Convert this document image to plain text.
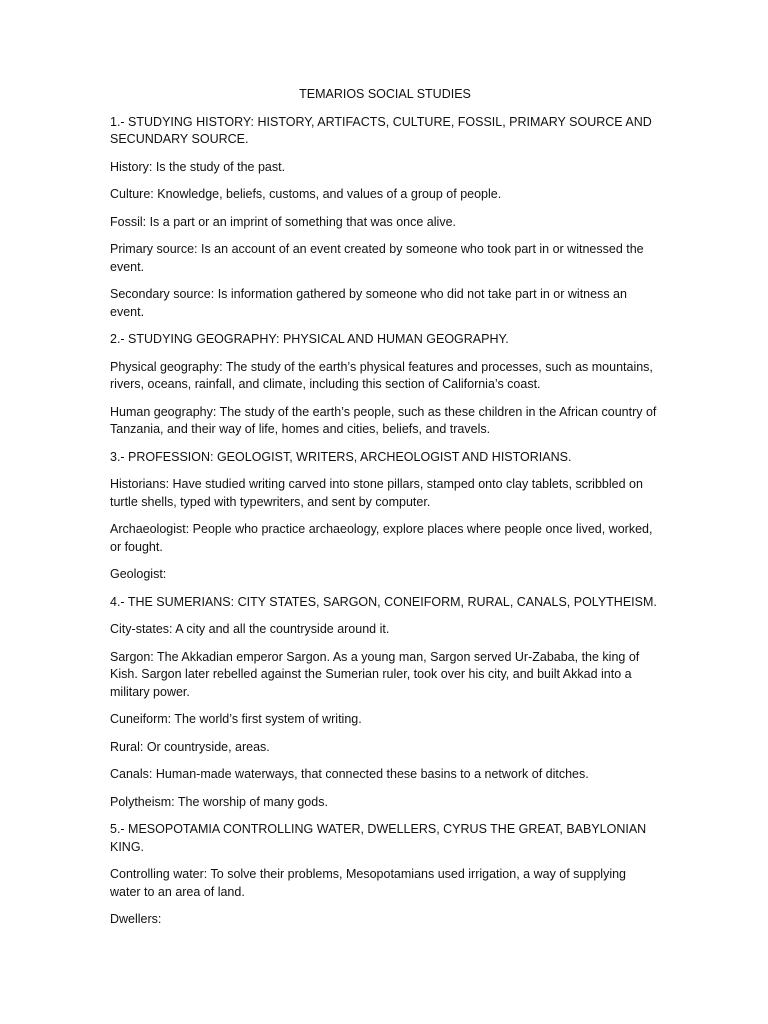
TEMARIOS SOCIAL STUDIES

1.- STUDYING HISTORY: HISTORY, ARTIFACTS, CULTURE, FOSSIL, PRIMARY SOURCE AND SECUNDARY SOURCE.

History: Is the study of the past.

Culture: Knowledge, beliefs, customs, and values of a group of people.

Fossil: Is a part or an imprint of something that was once alive.

Primary source: Is an account of an event created by someone who took part in or witnessed the event.

Secondary source: Is information gathered by someone who did not take part in or witness an event.

2.- STUDYING GEOGRAPHY: PHYSICAL AND HUMAN GEOGRAPHY.

Physical geography: The study of the earth’s physical features and processes, such as mountains, rivers, oceans, rainfall, and climate, including this section of California’s coast.

Human geography: The study of the earth’s people, such as these children in the African country of Tanzania, and their way of life, homes and cities, beliefs, and travels.

3.- PROFESSION: GEOLOGIST, WRITERS, ARCHEOLOGIST AND HISTORIANS.

Historians: Have studied writing carved into stone pillars, stamped onto clay tablets, scribbled on turtle shells, typed with typewriters, and sent by computer.

Archaeologist: People who practice archaeology, explore places where people once lived, worked, or fought.

Geologist:

4.- THE SUMERIANS: CITY STATES, SARGON, CONEIFORM, RURAL, CANALS, POLYTHEISM.

City-states: A city and all the countryside around it.

Sargon: The Akkadian emperor Sargon. As a young man, Sargon served Ur-Zababa, the king of Kish. Sargon later rebelled against the Sumerian ruler, took over his city, and built Akkad into a military power.

Cuneiform: The world’s first system of writing.

Rural: Or countryside, areas.

Canals: Human-made waterways, that connected these basins to a network of ditches.

Polytheism: The worship of many gods.

5.- MESOPOTAMIA CONTROLLING WATER, DWELLERS, CYRUS THE GREAT, BABYLONIAN KING.

Controlling water: To solve their problems, Mesopotamians used irrigation, a way of supplying water to an area of land.

Dwellers:
